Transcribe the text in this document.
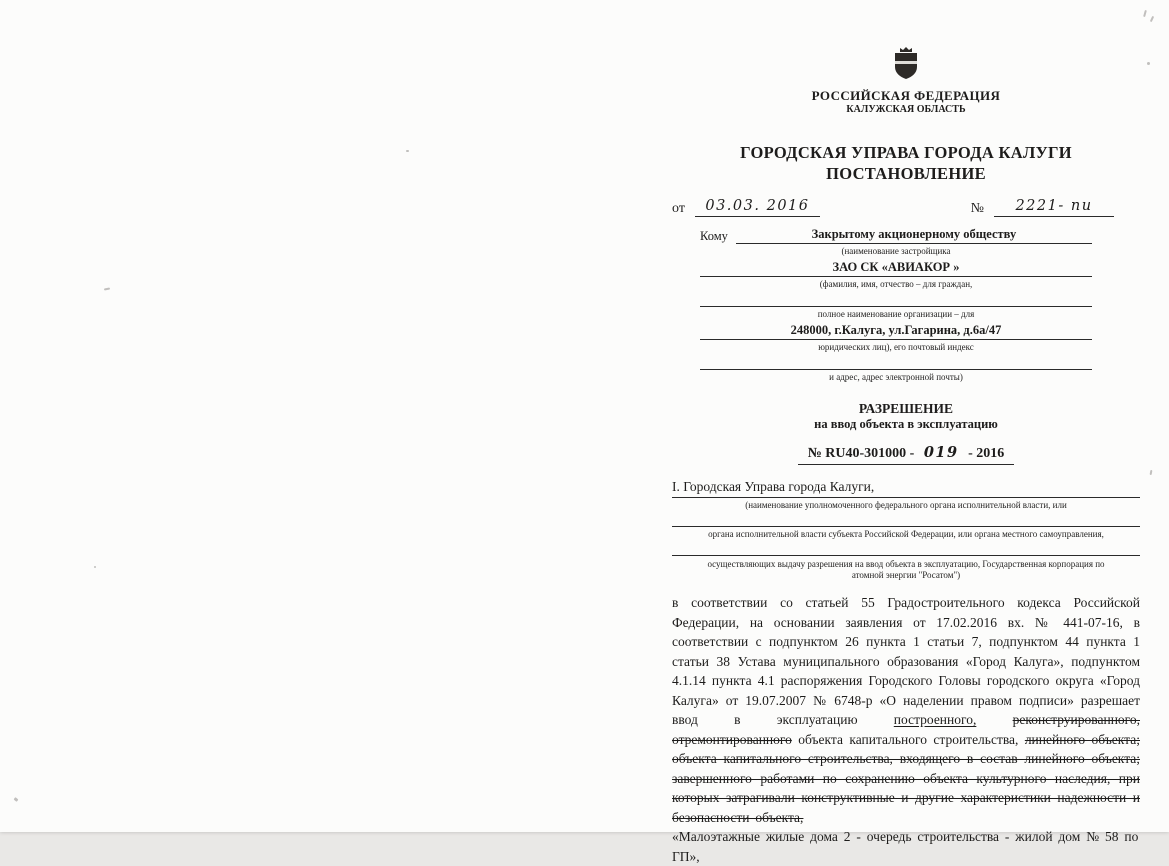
РОССИЙСКАЯ ФЕДЕРАЦИЯ
КАЛУЖСКАЯ ОБЛАСТЬ
ГОРОДСКАЯ УПРАВА ГОРОДА КАЛУГИ
ПОСТАНОВЛЕНИЕ
от	03.03. 2016	№	2221- пи
Кому	Закрытому акционерному обществу
(наименование застройщика
ЗАО СК «АВИАКОР »
(фамилия, имя, отчество – для граждан,
полное наименование организации – для
248000, г.Калуга, ул.Гагарина, д.6а/47
юридических лиц), его почтовый индекс
и адрес, адрес электронной почты)
РАЗРЕШЕНИЕ
на ввод объекта в эксплуатацию
№ RU40-301000 - 019 - 2016
I. Городская Управа города Калуги,
(наименование уполномоченного федерального органа исполнительной власти, или
органа исполнительной власти субъекта Российской Федерации, или органа местного самоуправления,
осуществляющих выдачу разрешения на ввод объекта в эксплуатацию, Государственная корпорация по атомной энергии "Росатом")

в соответствии со статьей 55 Градостроительного кодекса Российской Федерации, на основании заявления от 17.02.2016 вх. № 441-07-16, в соответствии с подпунктом 26 пункта 1 статьи 7, подпунктом 44 пункта 1 статьи 38 Устава муниципального образования «Город Калуга», подпунктом 4.1.14 пункта 4.1 распоряжения Городского Головы городского округа «Город Калуга» от 19.07.2007 № 6748-р «О наделении правом подписи» разрешает ввод в эксплуатацию	построенного,	реконструированного, отремонтированного объекта капитального строительства, линейного объекта; объекта капитального строительства, входящего в состав линейного объекта; завершенного работами по сохранению объекта культурного наследия, при которых затрагивали конструктивные и другие характеристики надежности и безопасности объекта,

«Малоэтажные жилые дома 2 - очередь строительства - жилой дом № 58 по ГП»,
